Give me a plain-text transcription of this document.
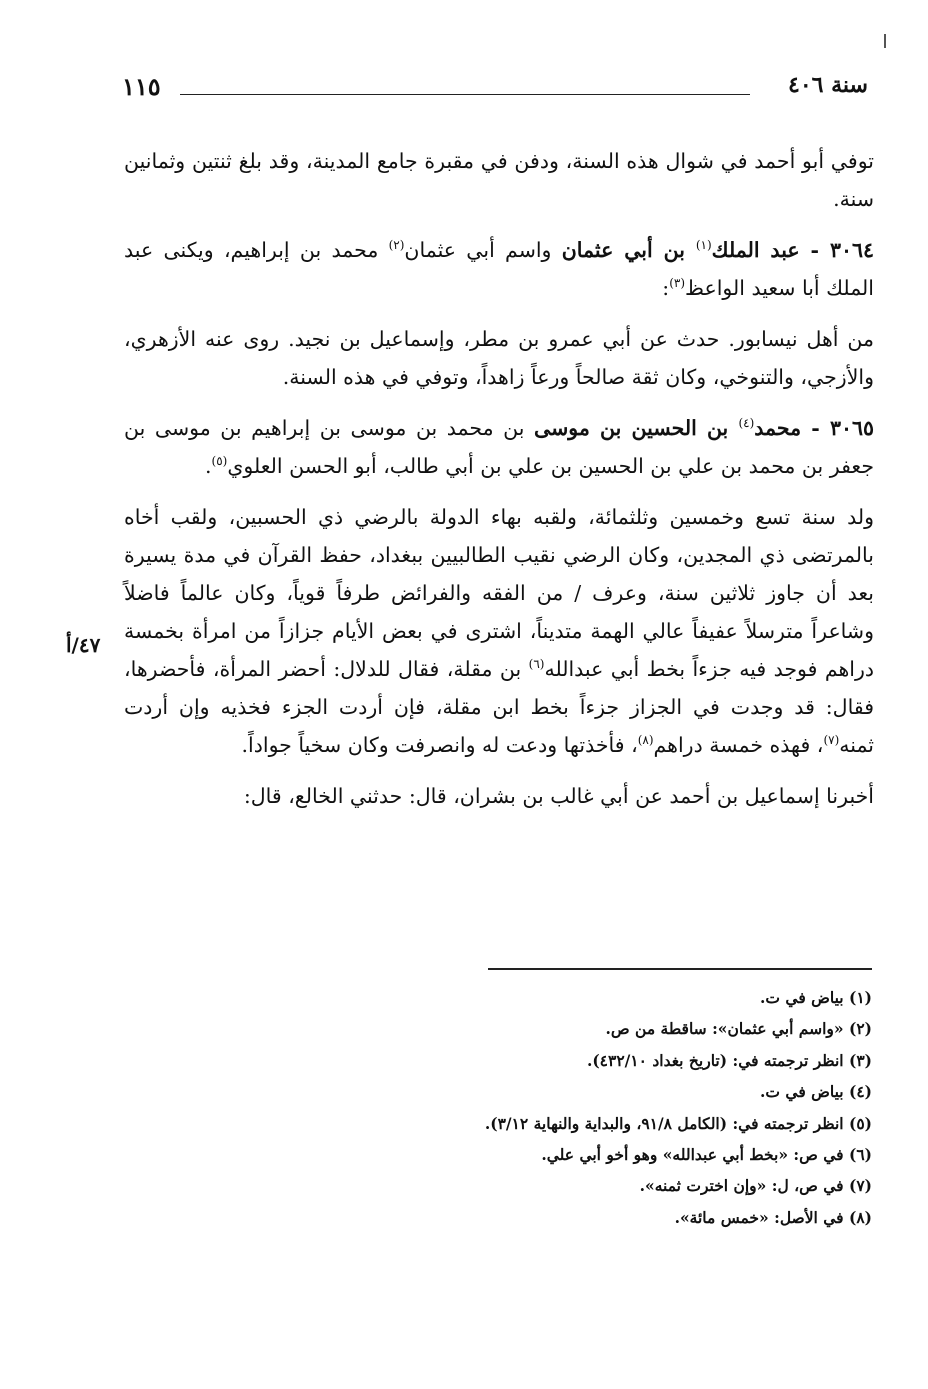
سنة ٤٠٦
١١٥

توفي أبو أحمد في شوال هذه السنة، ودفن في مقبرة جامع المدينة، وقد بلغ ثنتين وثمانين سنة.

٣٠٦٤ - عبد الملك$^{(١)}$ بن أبي عثمان واسم أبي عثمان$^{(٢)}$ محمد بن إبراهيم، ويكنى عبد الملك أبا سعيد الواعظ$^{(٣)}$:

من أهل نيسابور. حدث عن أبي عمرو بن مطر، وإسماعيل بن نجيد. روى عنه الأزهري، والأزجي، والتنوخي، وكان ثقة صالحاً ورعاً زاهداً، وتوفي في هذه السنة.

٣٠٦٥ - محمد$^{(٤)}$ بن الحسين بن موسى بن محمد بن موسى بن إبراهيم بن موسى بن جعفر بن محمد بن علي بن الحسين بن علي بن أبي طالب، أبو الحسن العلوي$^{(٥)}$.

ولد سنة تسع وخمسين وثلثمائة، ولقبه بهاء الدولة بالرضي ذي الحسبين، ولقب أخاه بالمرتضى ذي المجدين، وكان الرضي نقيب الطالبيين ببغداد، حفظ القرآن في مدة يسيرة بعد أن جاوز ثلاثين سنة، وعرف / من الفقه والفرائض طرفاً قوياً، وكان عالماً فاضلاً وشاعراً مترسلاً عفيفاً عالي الهمة متديناً، اشترى في بعض الأيام جزازاً من امرأة بخمسة دراهم فوجد فيه جزءاً بخط أبي عبدالله$^{(٦)}$ بن مقلة، فقال للدلال: أحضر المرأة، فأحضرها، فقال: قد وجدت في الجزاز جزءاً بخط ابن مقلة، فإن أردت الجزء فخذيه وإن أردت ثمنه$^{(٧)}$، فهذه خمسة دراهم$^{(٨)}$، فأخذتها ودعت له وانصرفت وكان سخياً جواداً.

أخبرنا إسماعيل بن أحمد عن أبي غالب بن بشران، قال: حدثني الخالع، قال:

٤٧/أ
(١) بياض في ت.
(٢) «واسم أبي عثمان»: ساقطة من ص.
(٣) انظر ترجمته في: (تاريخ بغداد ٤٣٢/١٠).
(٤) بياض في ت.
(٥) انظر ترجمته في: (الكامل ٩١/٨، والبداية والنهاية ٣/١٢).
(٦) في ص: «بخط أبي عبدالله» وهو أخو أبي علي.
(٧) في ص، ل: «وإن اخترت ثمنه».
(٨) في الأصل: «خمس مائة».
